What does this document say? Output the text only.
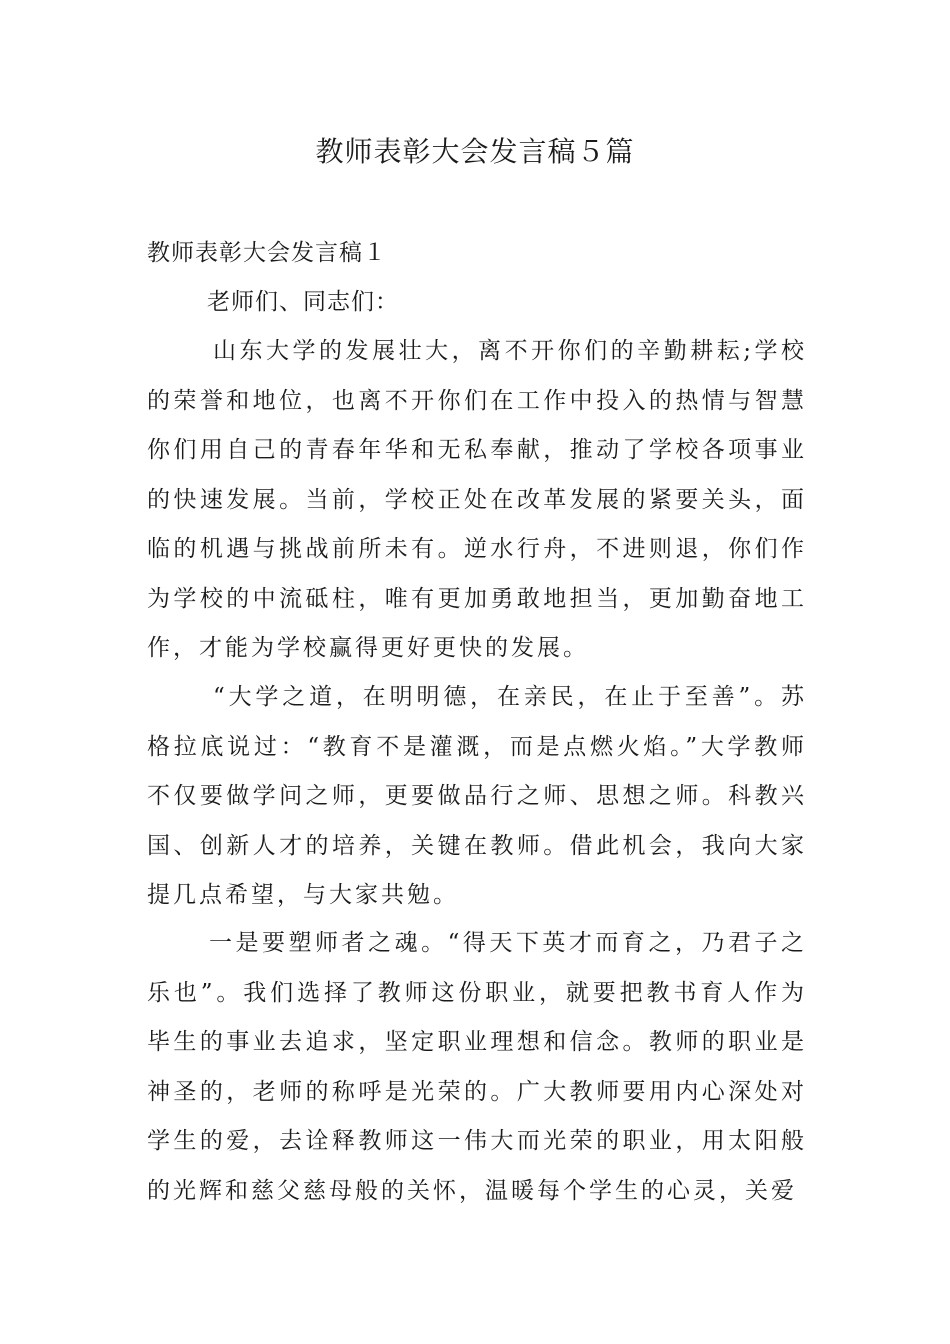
教师表彰大会发言稿５篇

教师表彰大会发言稿１

老师们、同志们：

山东大学的发展壮大，离不开你们的辛勤耕耘;学校的荣誉和地位，也离不开你们在工作中投入的热情与智慧你们用自己的青春年华和无私奉献，推动了学校各项事业的快速发展。当前，学校正处在改革发展的紧要关头，面临的机遇与挑战前所未有。逆水行舟，不进则退，你们作为学校的中流砥柱，唯有更加勇敢地担当，更加勤奋地工作，才能为学校赢得更好更快的发展。

“大学之道，在明明德，在亲民，在止于至善”。苏格拉底说过：“教育不是灌溉，而是点燃火焰。”大学教师不仅要做学问之师，更要做品行之师、思想之师。科教兴国、创新人才的培养，关键在教师。借此机会，我向大家提几点希望，与大家共勉。

一是要塑师者之魂。“得天下英才而育之，乃君子之乐也”。我们选择了教师这份职业，就要把教书育人作为毕生的事业去追求，坚定职业理想和信念。教师的职业是神圣的，老师的称呼是光荣的。广大教师要用内心深处对学生的爱，去诠释教师这一伟大而光荣的职业，用太阳般的光辉和慈父慈母般的关怀，温暖每个学生的心灵，关爱
